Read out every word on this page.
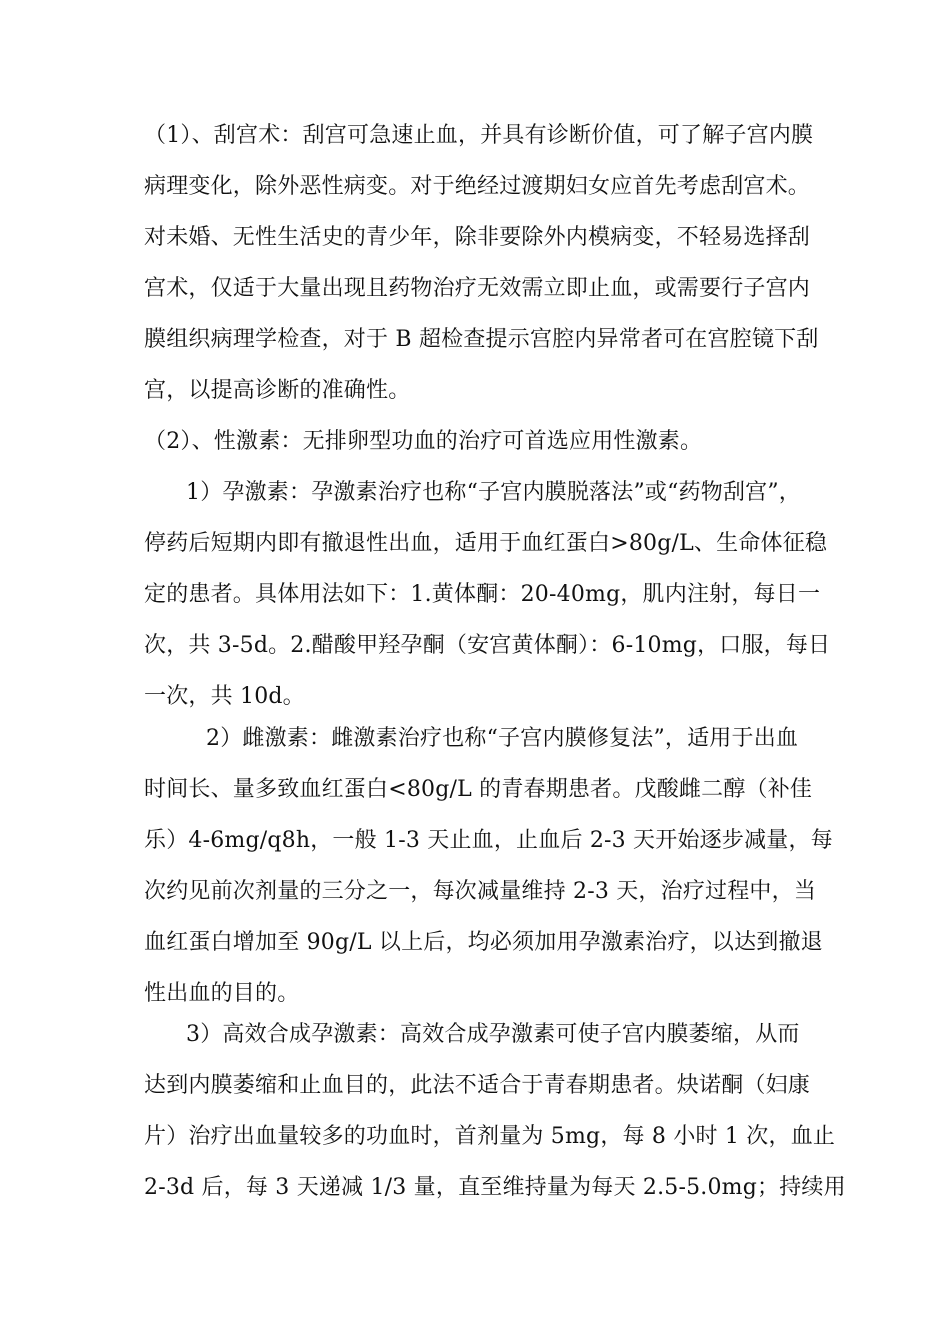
（1）、刮宫术：刮宫可急速止血，并具有诊断价值，可了解子宫内膜
病理变化，除外恶性病变。对于绝经过渡期妇女应首先考虑刮宫术。
对未婚、无性生活史的青少年，除非要除外内模病变，不轻易选择刮
宫术，仅适于大量出现且药物治疗无效需立即止血，或需要行子宫内
膜组织病理学检查，对于 B 超检查提示宫腔内异常者可在宫腔镜下刮
宫，以提高诊断的准确性。
（2）、性激素：无排卵型功血的治疗可首选应用性激素。
1）孕激素：孕激素治疗也称“子宫内膜脱落法”或“药物刮宫”，
停药后短期内即有撤退性出血，适用于血红蛋白>80g/L、生命体征稳
定的患者。具体用法如下：1.黄体酮：20-40mg，肌内注射，每日一
次，共 3-5d。2.醋酸甲羟孕酮（安宫黄体酮）：6-10mg，口服，每日
一次，共 10d。
2）雌激素：雌激素治疗也称“子宫内膜修复法”，适用于出血
时间长、量多致血红蛋白<80g/L 的青春期患者。戊酸雌二醇（补佳
乐）4-6mg/q8h，一般 1-3 天止血，止血后 2-3 天开始逐步减量，每
次约见前次剂量的三分之一，每次减量维持 2-3 天，治疗过程中，当
血红蛋白增加至 90g/L 以上后，均必须加用孕激素治疗，以达到撤退
性出血的目的。
3）高效合成孕激素：高效合成孕激素可使子宫内膜萎缩，从而
达到内膜萎缩和止血目的，此法不适合于青春期患者。炔诺酮（妇康
片）治疗出血量较多的功血时，首剂量为 5mg，每 8 小时 1 次，血止
2-3d 后，每 3 天递减 1/3 量，直至维持量为每天 2.5-5.0mg；持续用
